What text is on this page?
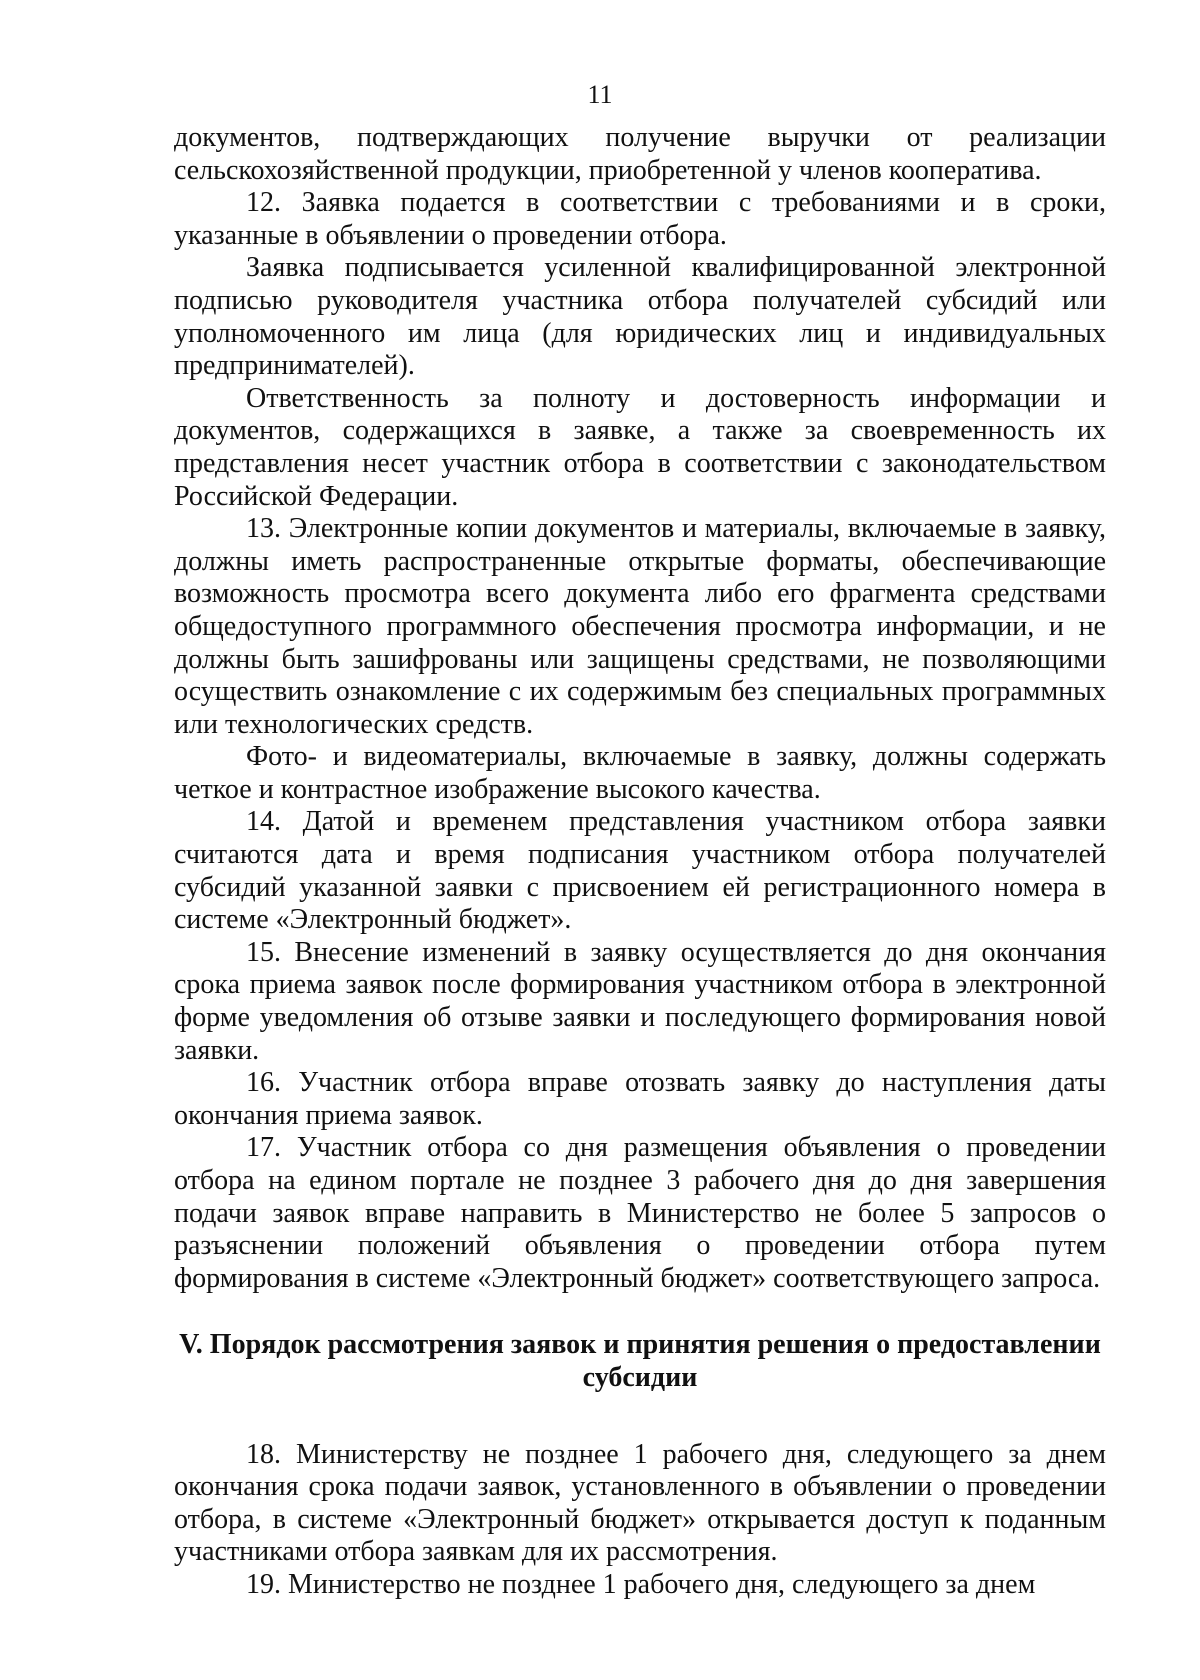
11

документов, подтверждающих получение выручки от реализации сельскохозяйственной продукции, приобретенной у членов кооператива.

12. Заявка подается в соответствии с требованиями и в сроки, указанные в объявлении о проведении отбора.

Заявка подписывается усиленной квалифицированной электронной подписью руководителя участника отбора получателей субсидий или уполномоченного им лица (для юридических лиц и индивидуальных предпринимателей).

Ответственность за полноту и достоверность информации и документов, содержащихся в заявке, а также за своевременность их представления несет участник отбора в соответствии с законодательством Российской Федерации.

13. Электронные копии документов и материалы, включаемые в заявку, должны иметь распространенные открытые форматы, обеспечивающие возможность просмотра всего документа либо его фрагмента средствами общедоступного программного обеспечения просмотра информации, и не должны быть зашифрованы или защищены средствами, не позволяющими осуществить ознакомление с их содержимым без специальных программных или технологических средств.

Фото- и видеоматериалы, включаемые в заявку, должны содержать четкое и контрастное изображение высокого качества.

14. Датой и временем представления участником отбора заявки считаются дата и время подписания участником отбора получателей субсидий указанной заявки с присвоением ей регистрационного номера в системе «Электронный бюджет».

15. Внесение изменений в заявку осуществляется до дня окончания срока приема заявок после формирования участником отбора в электронной форме уведомления об отзыве заявки и последующего формирования новой заявки.

16. Участник отбора вправе отозвать заявку до наступления даты окончания приема заявок.

17. Участник отбора со дня размещения объявления о проведении отбора на едином портале не позднее 3 рабочего дня до дня завершения подачи заявок вправе направить в Министерство не более 5 запросов о разъяснении положений объявления о проведении отбора путем формирования в системе «Электронный бюджет» соответствующего запроса.

V. Порядок рассмотрения заявок и принятия решения о предоставлении субсидии

18. Министерству не позднее 1 рабочего дня, следующего за днем окончания срока подачи заявок, установленного в объявлении о проведении отбора, в системе «Электронный бюджет» открывается доступ к поданным участниками отбора заявкам для их рассмотрения.

19. Министерство не позднее 1 рабочего дня, следующего за днем
